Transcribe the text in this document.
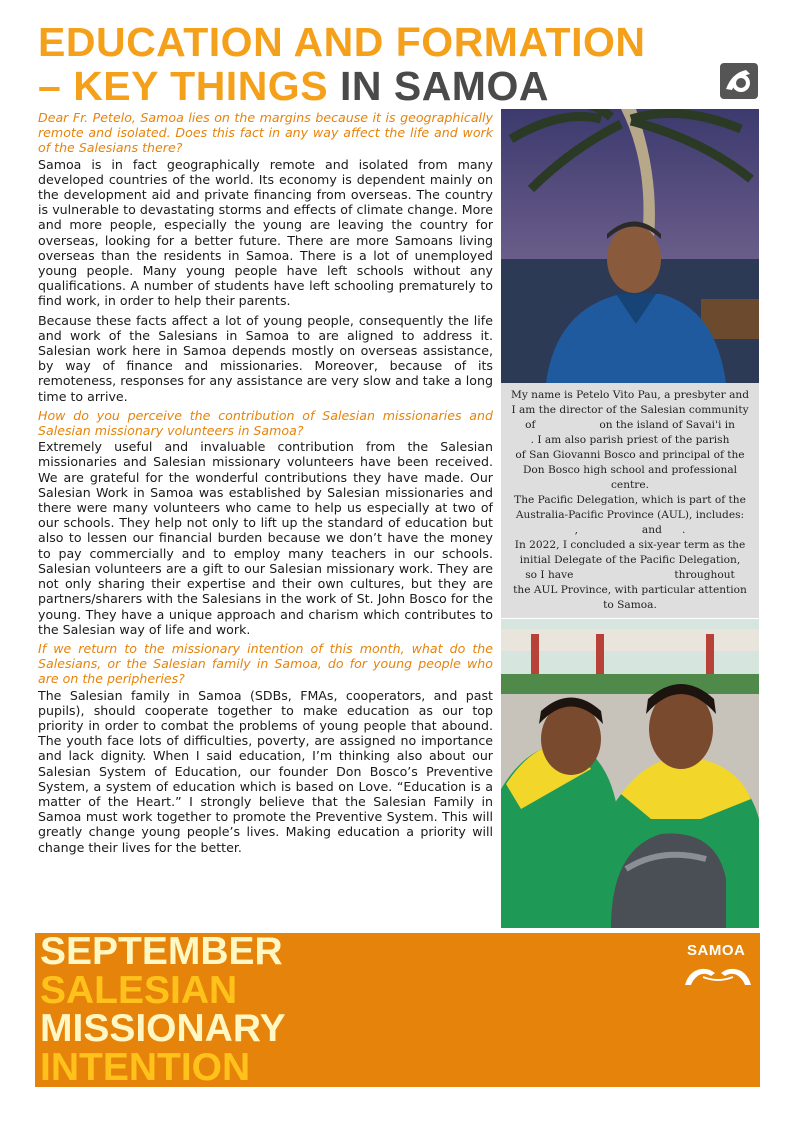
EDUCATION AND FORMATION
– KEY THINGS IN SAMOA

Dear Fr. Petelo, Samoa lies on the margins because it is geographically remote and isolated. Does this fact in any way affect the life and work of the Salesians there?

Samoa is in fact geographically remote and isolated from many developed countries of the world. Its economy is dependent mainly on the development aid and private financing from overseas. The country is vulnerable to devastating storms and effects of climate change. More and more people, especially the young are leaving the country for overseas, looking for a better future. There are more Samoans living overseas than the residents in Samoa. There is a lot of unemployed young people. Many young people have left schools without any qualifications. A number of students have left schooling prematurely to find work, in order to help their parents.

Because these facts affect a lot of young people, consequently the life and work of the Salesians in Samoa to are aligned to address it. Salesian work here in Samoa depends mostly on overseas assistance, by way of finance and missionaries. Moreover, because of its remoteness, responses for any assistance are very slow and take a long time to arrive.

How do you perceive the contribution of Salesian missionaries and Salesian missionary volunteers in Samoa?

Extremely useful and invaluable contribution from the Salesian missionaries and Salesian missionary volunteers have been received. We are grateful for the wonderful contributions they have made. Our Salesian Work in Samoa was established by Salesian missionaries and there were many volunteers who came to help us especially at two of our schools. They help not only to lift up the standard of education but also to lessen our financial burden because we don’t have the money to pay commercially and to employ many teachers in our schools. Salesian volunteers are a gift to our Salesian missionary work. They are not only sharing their expertise and their own cultures, but they are partners/sharers with the Salesians in the work of St. John Bosco for the young. They have a unique approach and charism which contributes to the Salesian way of life and work.

If we return to the missionary intention of this month, what do the Salesians, or the Salesian family in Samoa, do for young people who are on the peripheries?

The Salesian family in Samoa (SDBs, FMAs, cooperators, and past pupils), should cooperate together to make education as our top priority in order to combat the problems of young people that abound. The youth face lots of difficulties, poverty, are assigned no importance and lack dignity. When I said education, I’m thinking also about our Salesian System of Education, our founder Don Bosco’s Preventive System, a system of education which is based on Love. “Education is a matter of the Heart.” I strongly believe that the Salesian Family in Samoa must work together to promote the Preventive System. This will greatly change young people’s lives. Making education a priority will change their lives for the better.

My name is Petelo Vito Pau, a presbyter and

I am the director of the Salesian community

of                   on the island of Savai'i in

. I am also parish priest of the parish

of San Giovanni Bosco and principal of the

Don Bosco high school and professional

centre.

The Pacific Delegation, which is part of the

Australia-Pacific Province (AUL), includes:

,                   and      .

In 2022, I concluded a six-year term as the

initial Delegate of the Pacific Delegation,

so I have                              throughout

the AUL Province, with particular attention

to Samoa.

SEPTEMBER
SALESIAN
MISSIONARY
INTENTION
SAMOA
